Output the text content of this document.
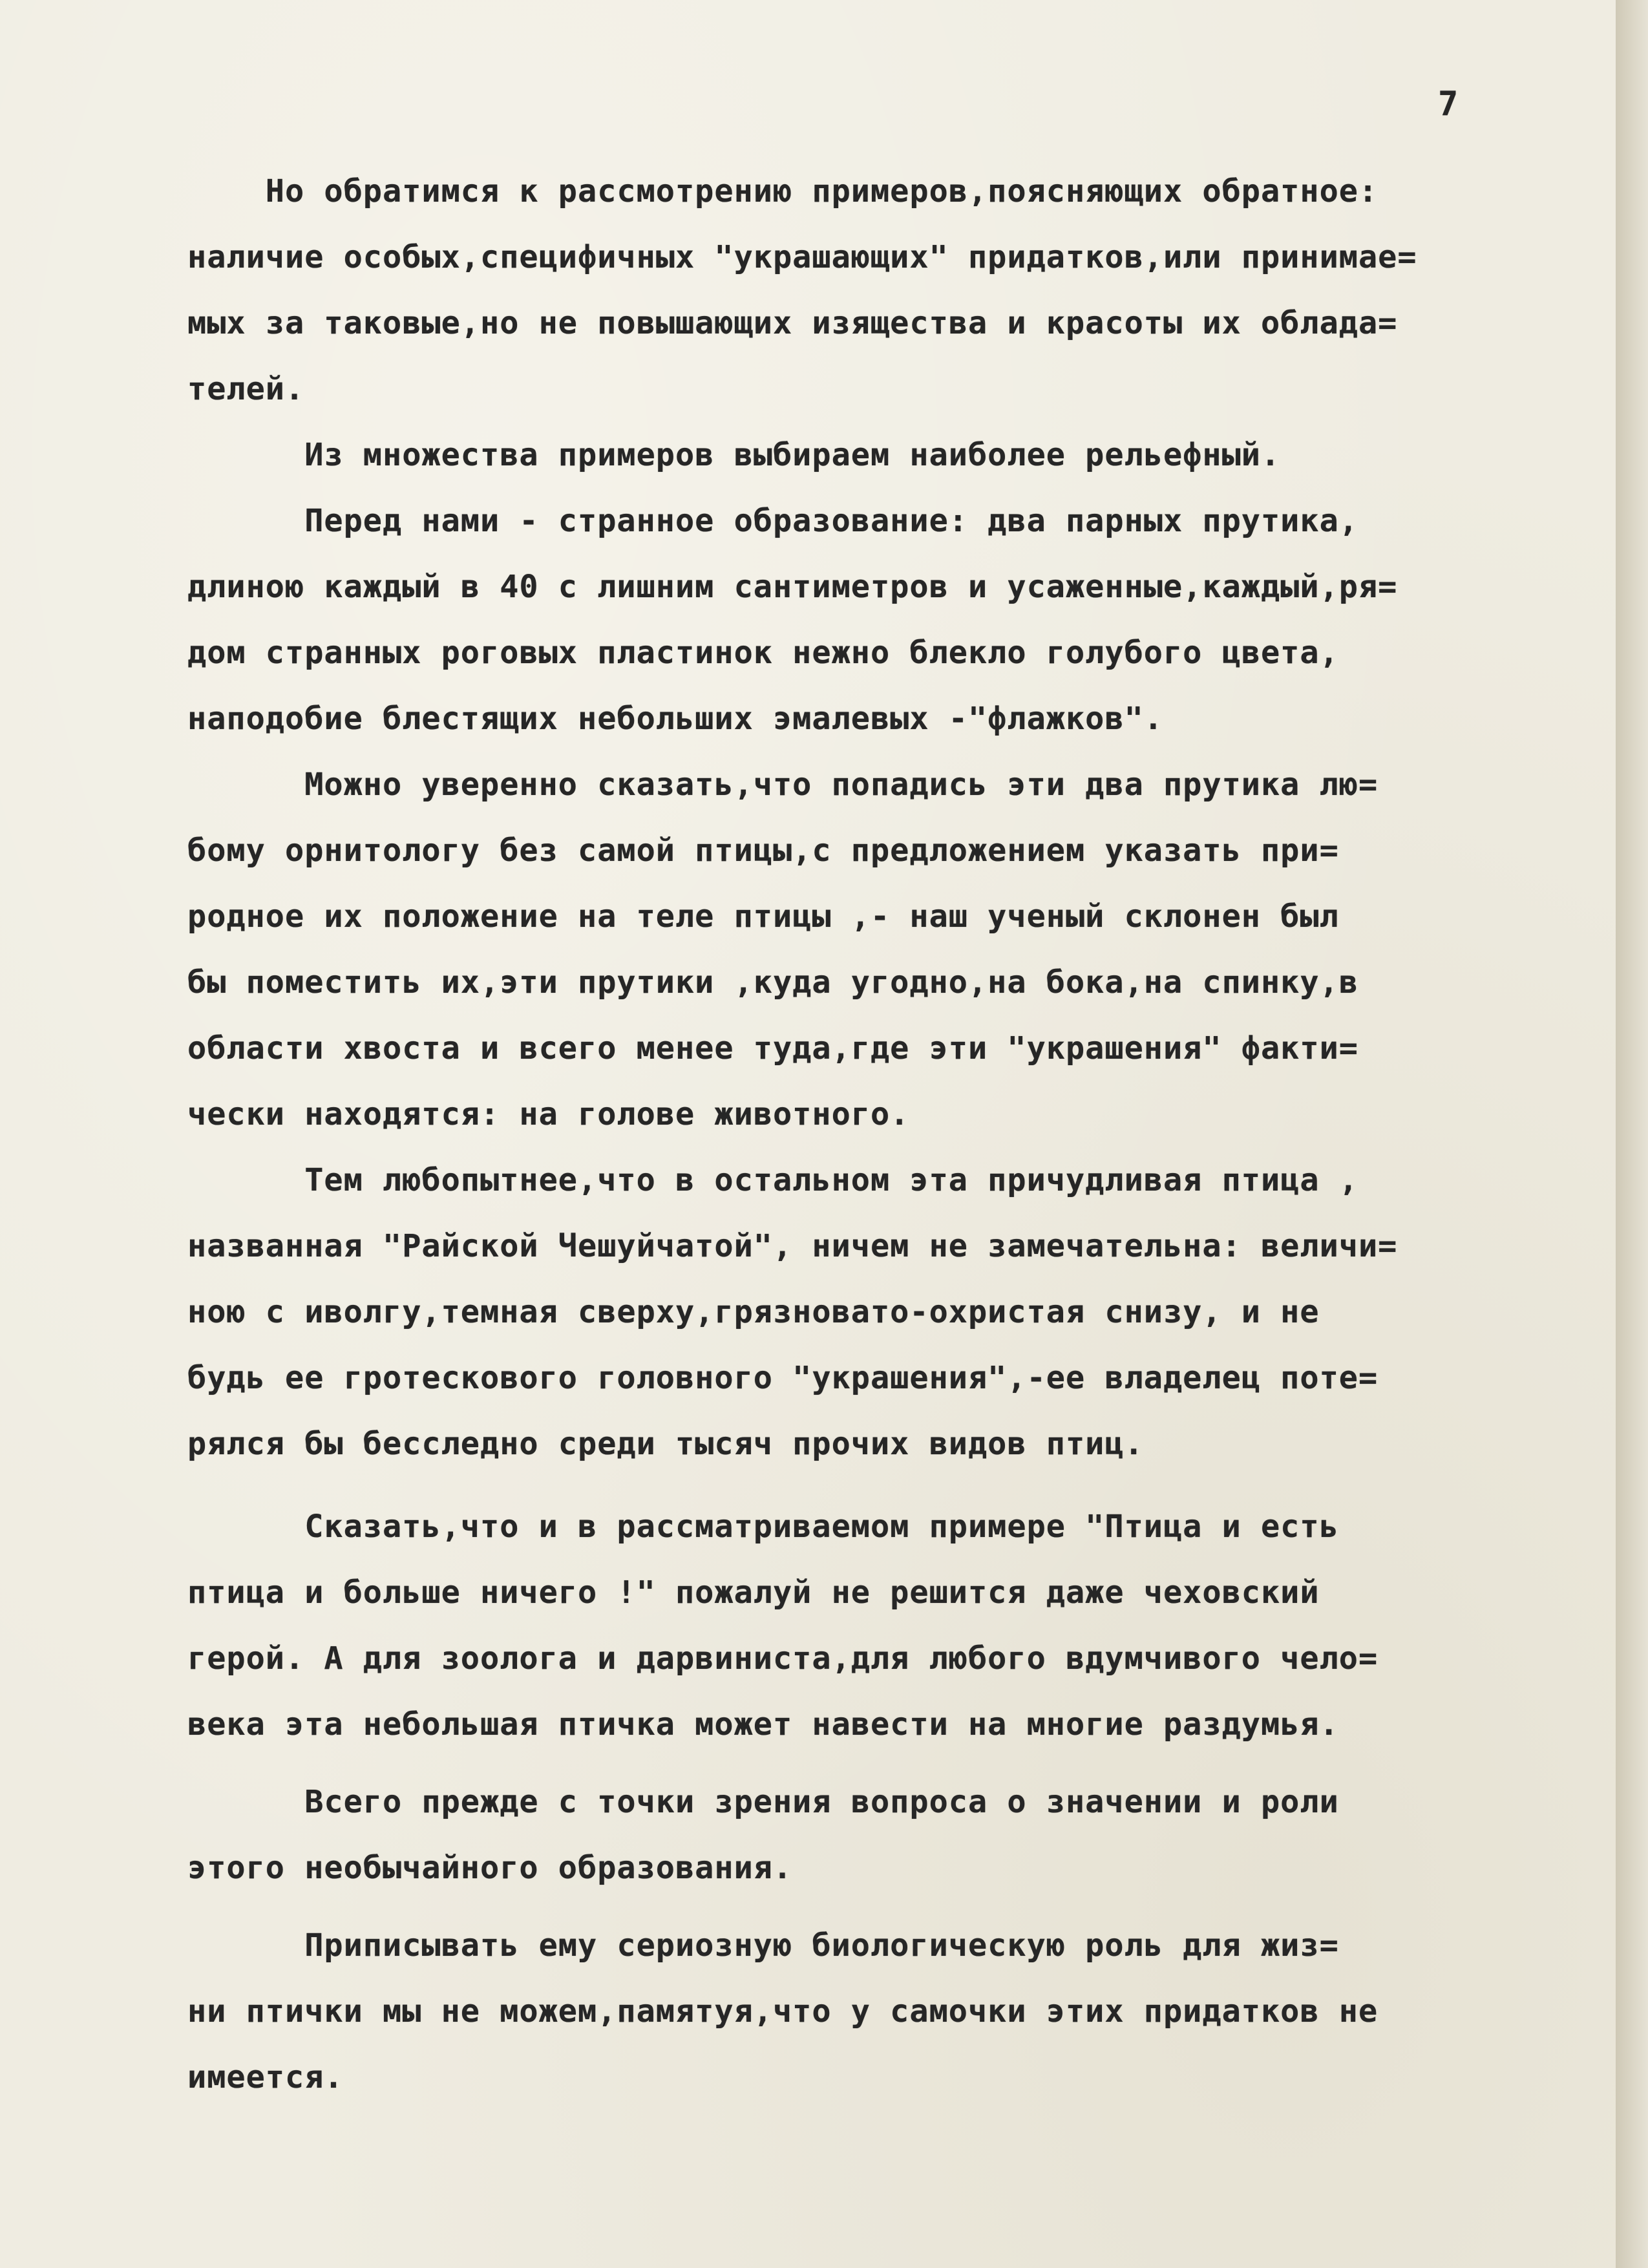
7
Но обратимся к рассмотрению примеров,поясняющих обратное:
наличие особых,специфичных "украшающих" придатков,или принимае=
мых за таковые,но не повышающих изящества и красоты их облада=
телей.
Из множества примеров выбираем наиболее рельефный.
Перед нами - странное образование: два парных прутика,
длиною каждый в 40 с лишним сантиметров и усаженные,каждый,ря=
дом странных роговых пластинок нежно блекло голубого цвета,
наподобие блестящих небольших эмалевых -"флажков".
Можно уверенно сказать,что попадись эти два прутика лю=
бому орнитологу без самой птицы,с предложением указать при=
родное их положение на теле птицы ,- наш ученый склонен был
бы поместить их,эти прутики ,куда угодно,на бока,на спинку,в
области хвоста и всего менее туда,где эти "украшения" факти=
чески находятся: на голове животного.
Тем любопытнее,что в остальном эта причудливая птица ,
названная "Райской Чешуйчатой", ничем не замечательна: величи=
ною с иволгу,темная сверху,грязновато-охристая снизу, и не
будь ее гротескового головного "украшения",-ее владелец поте=
рялся бы бесследно среди тысяч прочих видов птиц.
Сказать,что и в рассматриваемом примере "Птица и есть
птица и больше ничего !" пожалуй не решится даже чеховский
герой. А для зоолога и дарвиниста,для любого вдумчивого чело=
века эта небольшая птичка может навести на многие раздумья.
Всего прежде с точки зрения вопроса о значении и роли
этого необычайного образования.
Приписывать ему сериозную биологическую роль для жиз=
ни птички мы не можем,памятуя,что у самочки этих придатков не
имеется.
